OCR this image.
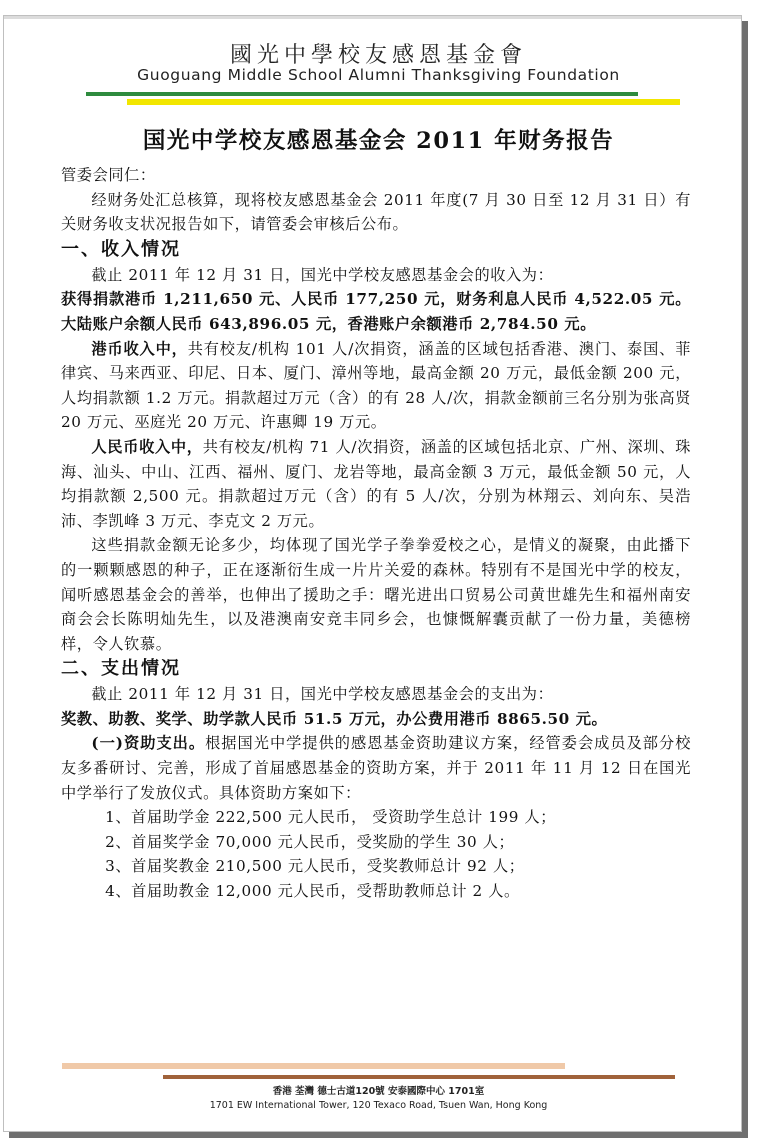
國光中學校友感恩基金會
Guoguang Middle School Alumni Thanksgiving Foundation
国光中学校友感恩基金会 2011 年财务报告

管委会同仁：

经财务处汇总核算，现将校友感恩基金会 2011 年度(7 月 30 日至 12 月 31 日）有关财务收支状况报告如下，请管委会审核后公布。

一、收入情况

截止 2011 年 12 月 31 日，国光中学校友感恩基金会的收入为：

获得捐款港币 1,211,650 元、人民币 177,250 元，财务利息人民币 4,522.05 元。大陆账户余额人民币 643,896.05 元，香港账户余额港币 2,784.50 元。

港币收入中，共有校友/机构 101 人/次捐资，涵盖的区域包括香港、澳门、泰国、菲律宾、马来西亚、印尼、日本、厦门、漳州等地，最高金额 20 万元，最低金额 200 元，人均捐款额 1.2 万元。捐款超过万元（含）的有 28 人/次，捐款金额前三名分别为张高贤 20 万元、巫庭光 20 万元、许惠卿 19 万元。

人民币收入中，共有校友/机构 71 人/次捐资，涵盖的区域包括北京、广州、深圳、珠海、汕头、中山、江西、福州、厦门、龙岩等地，最高金额 3 万元，最低金额 50 元，人均捐款额 2,500 元。捐款超过万元（含）的有 5 人/次，分别为林翔云、刘向东、吴浩沛、李凯峰 3 万元、李克文 2 万元。

这些捐款金额无论多少，均体现了国光学子拳拳爱校之心，是情义的凝聚，由此播下的一颗颗感恩的种子，正在逐渐衍生成一片片关爱的森林。特别有不是国光中学的校友，闻听感恩基金会的善举，也伸出了援助之手：曙光进出口贸易公司黄世雄先生和福州南安商会会长陈明灿先生，以及港澳南安竞丰同乡会，也慷慨解囊贡献了一份力量，美德榜样，令人钦慕。

二、支出情况

截止 2011 年 12 月 31 日，国光中学校友感恩基金会的支出为：

奖教、助教、奖学、助学款人民币 51.5 万元，办公费用港币 8865.50 元。

(一)资助支出。根据国光中学提供的感恩基金资助建议方案，经管委会成员及部分校友多番研讨、完善，形成了首届感恩基金的资助方案，并于 2011 年 11 月 12 日在国光中学举行了发放仪式。具体资助方案如下：

1、首届助学金 222,500 元人民币， 受资助学生总计 199 人；

2、首届奖学金 70,000 元人民币，受奖励的学生 30 人；

3、首届奖教金 210,500 元人民币，受奖教师总计 92 人；

4、首届助教金 12,000 元人民币，受帮助教师总计 2 人。

香港 荃灣 德士古道120號 安泰國際中心 1701室
1701 EW International Tower, 120 Texaco Road, Tsuen Wan, Hong Kong
